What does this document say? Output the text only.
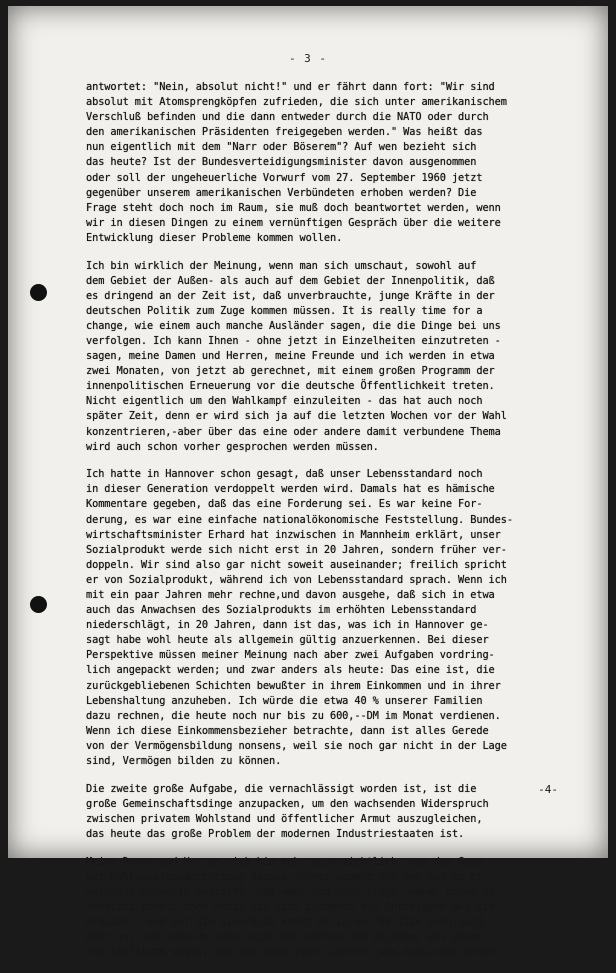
- 3 -
antwortet: "Nein, absolut nicht!" und er fährt dann fort: "Wir sind
absolut mit Atomsprengköpfen zufrieden, die sich unter amerikanischem
Verschluß befinden und die dann entweder durch die NATO oder durch
den amerikanischen Präsidenten freigegeben werden." Was heißt das
nun eigentlich mit dem "Narr oder Böserem"? Auf wen bezieht sich
das heute? Ist der Bundesverteidigungsminister davon ausgenommen
oder soll der ungeheuerliche Vorwurf vom 27. September 1960 jetzt
gegenüber unserem amerikanischen Verbündeten erhoben werden? Die
Frage steht doch noch im Raum, sie muß doch beantwortet werden, wenn
wir in diesen Dingen zu einem vernünftigen Gespräch über die weitere
Entwicklung dieser Probleme kommen wollen.
Ich bin wirklich der Meinung, wenn man sich umschaut, sowohl auf
dem Gebiet der Außen- als auch auf dem Gebiet der Innenpolitik, daß
es dringend an der Zeit ist, daß unverbrauchte, junge Kräfte in der
deutschen Politik zum Zuge kommen müssen. It is really time for a
change, wie einem auch manche Ausländer sagen, die die Dinge bei uns
verfolgen. Ich kann Ihnen - ohne jetzt in Einzelheiten einzutreten -
sagen, meine Damen und Herren, meine Freunde und ich werden in etwa
zwei Monaten, von jetzt ab gerechnet, mit einem großen Programm der
innenpolitischen Erneuerung vor die deutsche Öffentlichkeit treten.
Nicht eigentlich um den Wahlkampf einzuleiten - das hat auch noch
später Zeit, denn er wird sich ja auf die letzten Wochen vor der Wahl
konzentrieren,-aber über das eine oder andere damit verbundene Thema
wird auch schon vorher gesprochen werden müssen.
Ich hatte in Hannover schon gesagt, daß unser Lebensstandard noch
in dieser Generation verdoppelt werden wird. Damals hat es hämische
Kommentare gegeben, daß das eine Forderung sei. Es war keine For-
derung, es war eine einfache nationalökonomische Feststellung. Bundes-
wirtschaftsminister Erhard hat inzwischen in Mannheim erklärt, unser
Sozialprodukt werde sich nicht erst in 20 Jahren, sondern früher ver-
doppeln. Wir sind also gar nicht soweit auseinander; freilich spricht
er von Sozialprodukt, während ich von Lebensstandard sprach. Wenn ich
mit ein paar Jahren mehr rechne,und davon ausgehe, daß sich in etwa
auch das Anwachsen des Sozialprodukts im erhöhten Lebensstandard
niederschlägt, in 20 Jahren, dann ist das, was ich in Hannover ge-
sagt habe wohl heute als allgemein gültig anzuerkennen. Bei dieser
Perspektive müssen meiner Meinung nach aber zwei Aufgaben vordring-
lich angepackt werden; und zwar anders als heute: Das eine ist, die
zurückgebliebenen Schichten bewußter in ihrem Einkommen und in ihrer
Lebenshaltung anzuheben. Ich würde die etwa 40 % unserer Familien
dazu rechnen, die heute noch nur bis zu 600,--DM im Monat verdienen.
Wenn ich diese Einkommensbezieher betrachte, dann ist alles Gerede
von der Vermögensbildung nonsens, weil sie noch gar nicht in der Lage
sind, Vermögen bilden zu können.
Die zweite große Aufgabe, die vernachlässigt worden ist, ist die
große Gemeinschaftsdinge anzupacken, um den wachsenden Widerspruch
zwischen privatem Wohlstand und öffentlicher Armut auszugleichen,
das heute das große Problem der modernen Industriestaaten ist.
Meine Damen und Herren, ich bin sehr zuversichtlich, was den Gang
der Wahlauseinandersetzung dieses Jahres angeht und was das zu er-
wartende Ergebnis betrifft. Und wenn ich mich frage, woher diese Zu-
versicht kommt, dann setzt sie sich zusammen aus Unterlagen aus Ein-
drücken - und auf die Eindrücke kommt es in der Politik doch auch
sehr an; man kann Politik nicht nur machen und ablesen, was einem
die Institute sagen, man muß auch etwas spüren, wie die Dinge gehen.
-4-
